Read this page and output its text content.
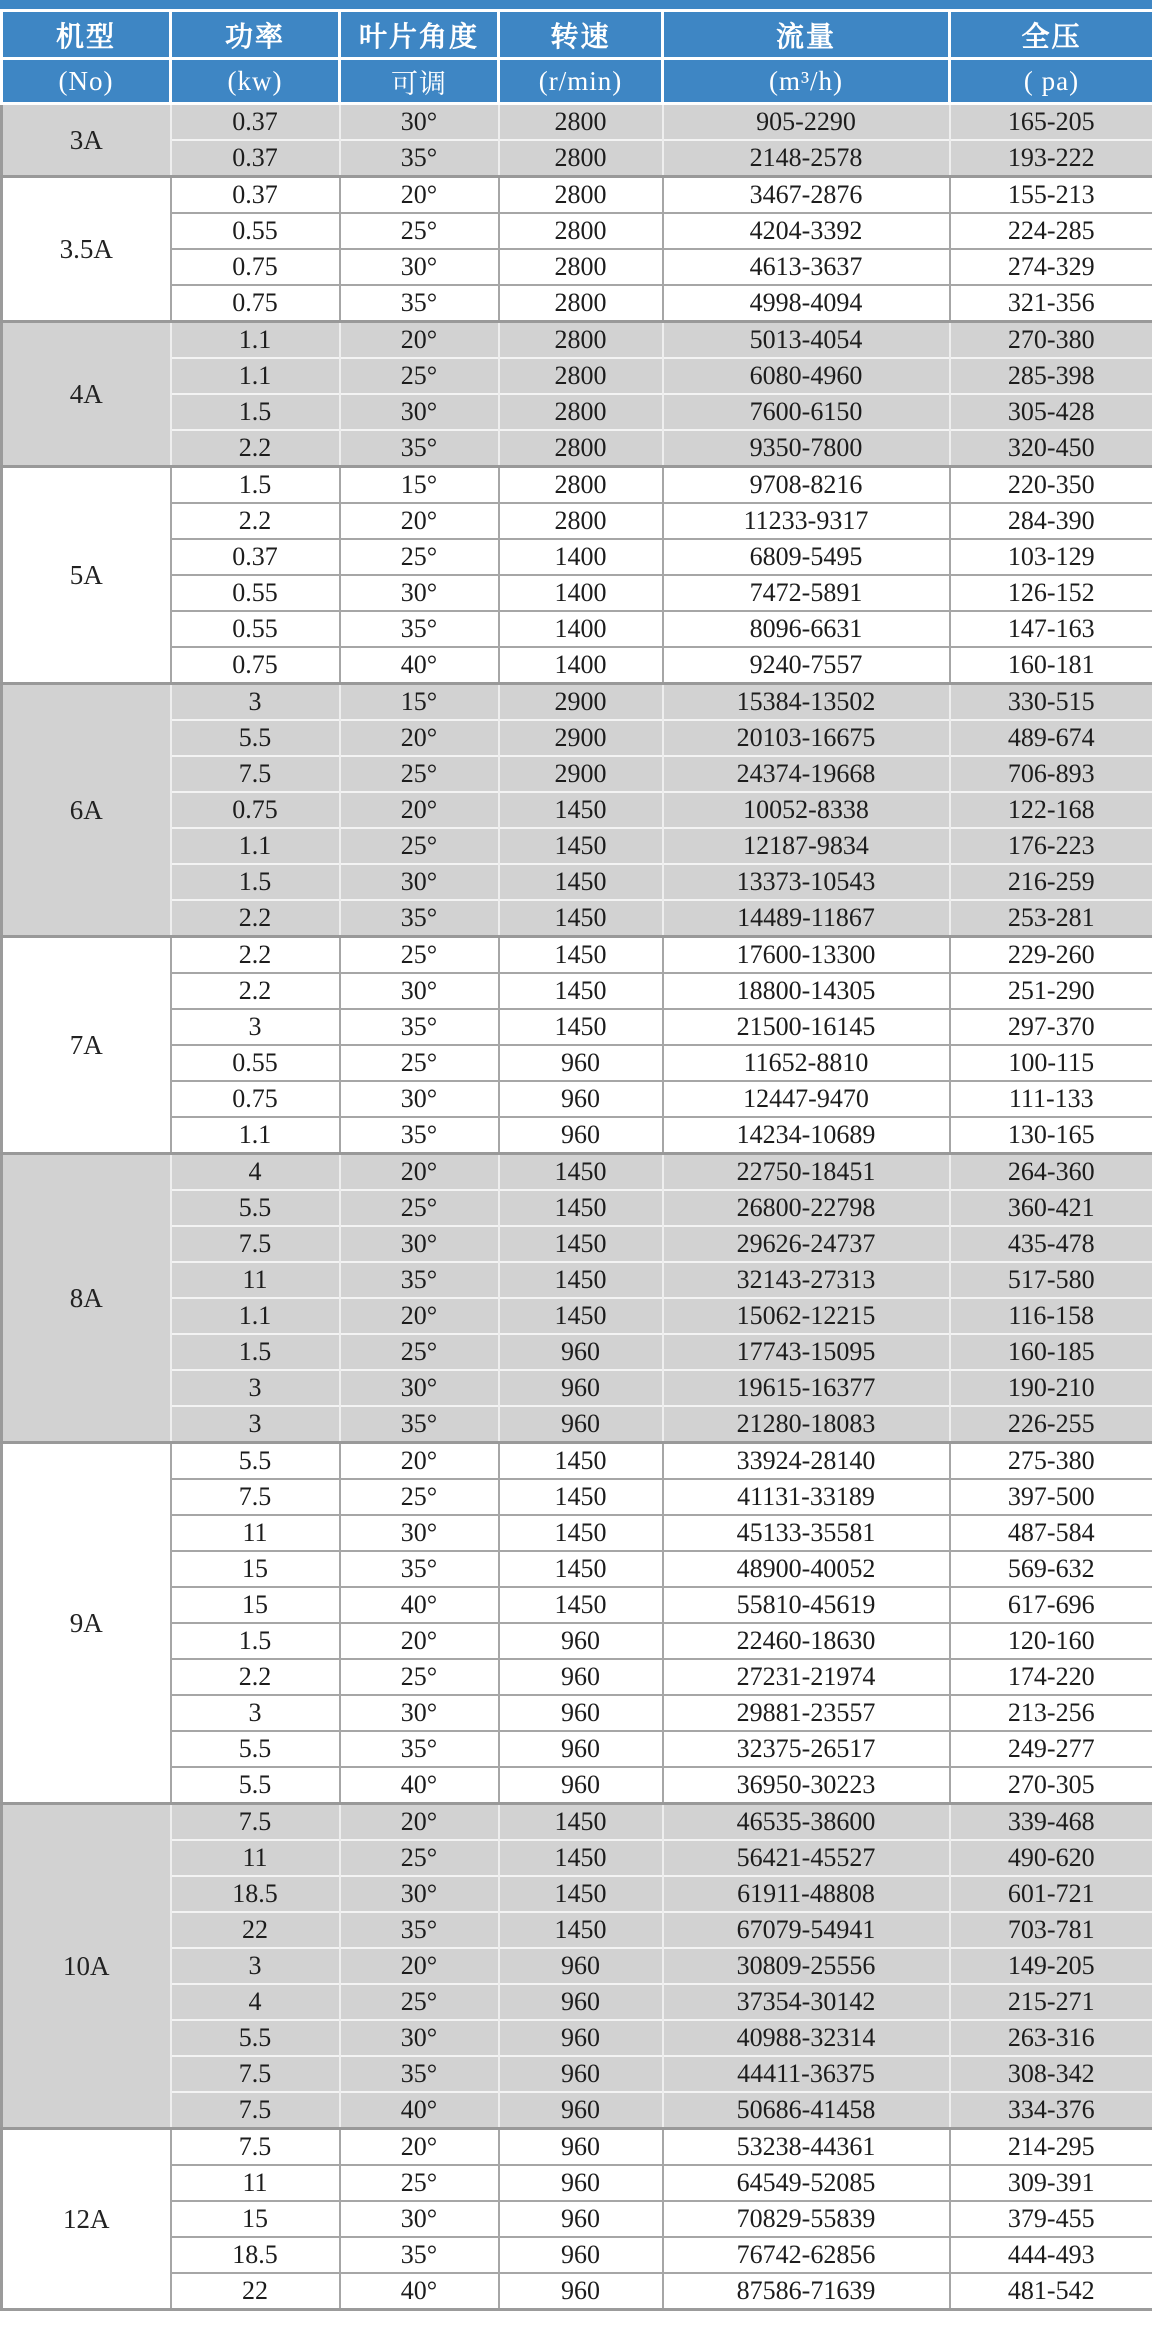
机型	功率	叶片角度	转速	流量	全压
(No)	(kw)	可调	(r/min)	(m³/h)	( pa)
3A	0.37	30°	2800	905-2290	165-205
	0.37	35°	2800	2148-2578	193-222
3.5A	0.37	20°	2800	3467-2876	155-213
	0.55	25°	2800	4204-3392	224-285
	0.75	30°	2800	4613-3637	274-329
	0.75	35°	2800	4998-4094	321-356
4A	1.1	20°	2800	5013-4054	270-380
	1.1	25°	2800	6080-4960	285-398
	1.5	30°	2800	7600-6150	305-428
	2.2	35°	2800	9350-7800	320-450
5A	1.5	15°	2800	9708-8216	220-350
	2.2	20°	2800	11233-9317	284-390
	0.37	25°	1400	6809-5495	103-129
	0.55	30°	1400	7472-5891	126-152
	0.55	35°	1400	8096-6631	147-163
	0.75	40°	1400	9240-7557	160-181
6A	3	15°	2900	15384-13502	330-515
	5.5	20°	2900	20103-16675	489-674
	7.5	25°	2900	24374-19668	706-893
	0.75	20°	1450	10052-8338	122-168
	1.1	25°	1450	12187-9834	176-223
	1.5	30°	1450	13373-10543	216-259
	2.2	35°	1450	14489-11867	253-281
7A	2.2	25°	1450	17600-13300	229-260
	2.2	30°	1450	18800-14305	251-290
	3	35°	1450	21500-16145	297-370
	0.55	25°	960	11652-8810	100-115
	0.75	30°	960	12447-9470	111-133
	1.1	35°	960	14234-10689	130-165
8A	4	20°	1450	22750-18451	264-360
	5.5	25°	1450	26800-22798	360-421
	7.5	30°	1450	29626-24737	435-478
	11	35°	1450	32143-27313	517-580
	1.1	20°	1450	15062-12215	116-158
	1.5	25°	960	17743-15095	160-185
	3	30°	960	19615-16377	190-210
	3	35°	960	21280-18083	226-255
9A	5.5	20°	1450	33924-28140	275-380
	7.5	25°	1450	41131-33189	397-500
	11	30°	1450	45133-35581	487-584
	15	35°	1450	48900-40052	569-632
	15	40°	1450	55810-45619	617-696
	1.5	20°	960	22460-18630	120-160
	2.2	25°	960	27231-21974	174-220
	3	30°	960	29881-23557	213-256
	5.5	35°	960	32375-26517	249-277
	5.5	40°	960	36950-30223	270-305
10A	7.5	20°	1450	46535-38600	339-468
	11	25°	1450	56421-45527	490-620
	18.5	30°	1450	61911-48808	601-721
	22	35°	1450	67079-54941	703-781
	3	20°	960	30809-25556	149-205
	4	25°	960	37354-30142	215-271
	5.5	30°	960	40988-32314	263-316
	7.5	35°	960	44411-36375	308-342
	7.5	40°	960	50686-41458	334-376
12A	7.5	20°	960	53238-44361	214-295
	11	25°	960	64549-52085	309-391
	15	30°	960	70829-55839	379-455
	18.5	35°	960	76742-62856	444-493
	22	40°	960	87586-71639	481-542
